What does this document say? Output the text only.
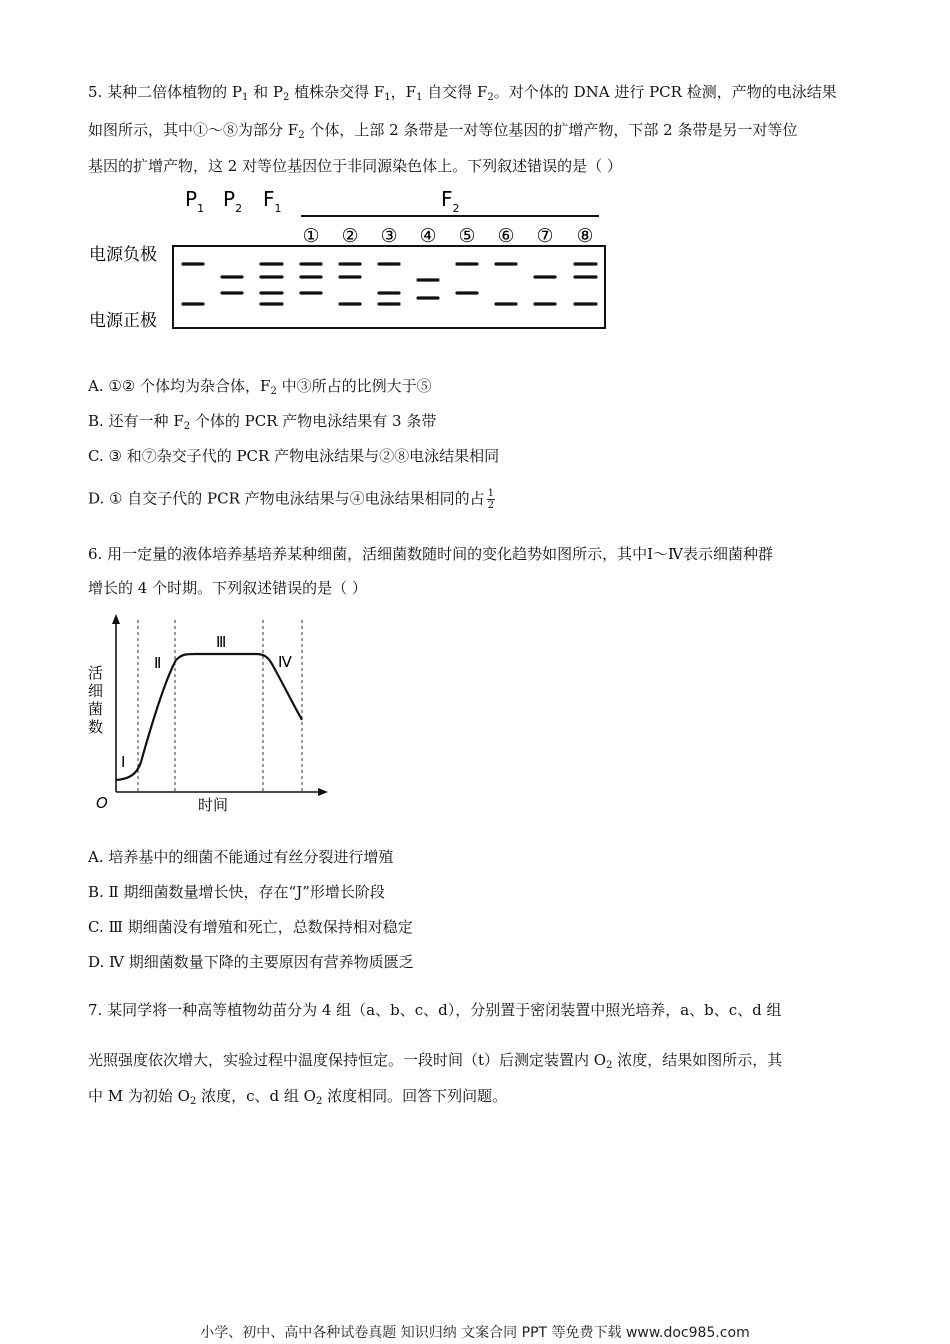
5. 某种二倍体植物的 $P_1$ 和 $P_2$ 植株杂交得 $F_1$，$F_1$ 自交得 $F_2$。对个体的 DNA 进行 PCR 检测，产物的电泳结果
如图所示，其中①～⑧为部分 $F_2$ 个体，上部 2 条带是一对等位基因的扩增产物，下部 2 条带是另一对等位
基因的扩增产物，这 2 对等位基因位于非同源染色体上。下列叙述错误的是（ ）
$P_1$ $P_2$ $F_1$	$F_2$
① ② ③ ④ ⑤ ⑥ ⑦ ⑧
电源负极
电源正极
A. ①② 个体均为杂合体，$F_2$ 中③所占的比例大于⑤
B. 还有一种 $F_2$ 个体的 PCR 产物电泳结果有 3 条带
C. ③ 和⑦杂交子代的 PCR 产物电泳结果与②⑧电泳结果相同
D. ① 自交子代的 PCR 产物电泳结果与④电泳结果相同的占 $\frac{1}{2}$
6. 用一定量的液体培养基培养某种细菌，活细菌数随时间的变化趋势如图所示，其中Ⅰ～Ⅳ表示细菌种群
增长的 4 个时期。下列叙述错误的是（ ）
活
细
菌
数
O	时间
Ⅰ
Ⅱ
Ⅲ
Ⅳ
A. 培养基中的细菌不能通过有丝分裂进行增殖
B. Ⅱ 期细菌数量增长快，存在“J”形增长阶段
C. Ⅲ 期细菌没有增殖和死亡，总数保持相对稳定
D. Ⅳ 期细菌数量下降的主要原因有营养物质匮乏
7. 某同学将一种高等植物幼苗分为 4 组（a、b、c、d），分别置于密闭装置中照光培养，a、b、c、d 组
光照强度依次增大，实验过程中温度保持恒定。一段时间（t）后测定装置内 $O_2$ 浓度，结果如图所示，其
中 M 为初始 $O_2$ 浓度，c、d 组 $O_2$ 浓度相同。回答下列问题。
小学、初中、高中各种试卷真题 知识归纳 文案合同 PPT 等免费下载 www.doc985.com
